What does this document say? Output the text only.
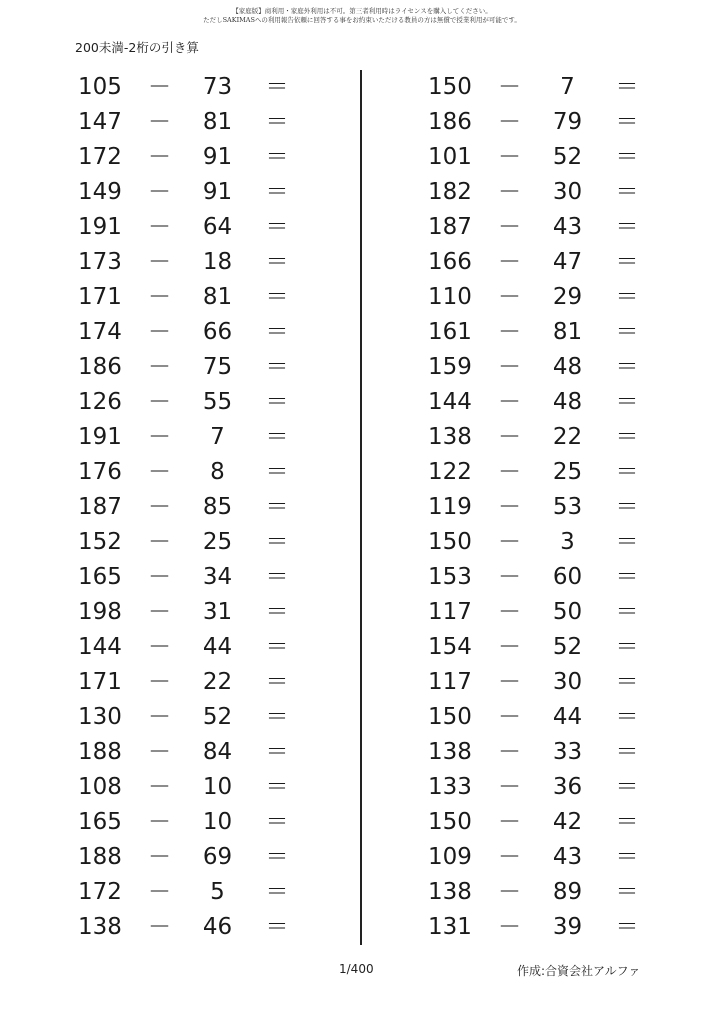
【家庭版】商利用・家庭外利用は不可。第三者利用時はライセンスを購入してください。
ただしSAKIMASへの利用報告依頼に回答する事をお約束いただける教員の方は無償で授業利用が可能です。
200未満-2桁の引き算
105 －	73	＝
147 －	81	＝
172 －	91	＝
149 －	91	＝
191 －	64	＝
173 －	18	＝
171 －	81	＝
174 －	66	＝
186 －	75	＝
126 －	55	＝
191 －	7	＝
176 －	8	＝
187 －	85	＝
152 －	25	＝
165 －	34	＝
198 －	31	＝
144 －	44	＝
171 －	22	＝
130 －	52	＝
188 －	84	＝
108 －	10	＝
165 －	10	＝
188 －	69	＝
172 －	5	＝
138 －	46	＝
150 －	7	＝
186 －	79	＝
101 －	52	＝
182 －	30	＝
187 －	43	＝
166 －	47	＝
110 －	29	＝
161 －	81	＝
159 －	48	＝
144 －	48	＝
138 －	22	＝
122 －	25	＝
119 －	53	＝
150 －	3	＝
153 －	60	＝
117 －	50	＝
154 －	52	＝
117 －	30	＝
150 －	44	＝
138 －	33	＝
133 －	36	＝
150 －	42	＝
109 －	43	＝
138 －	89	＝
131 －	39	＝
1/400	作成:合資会社アルファ
